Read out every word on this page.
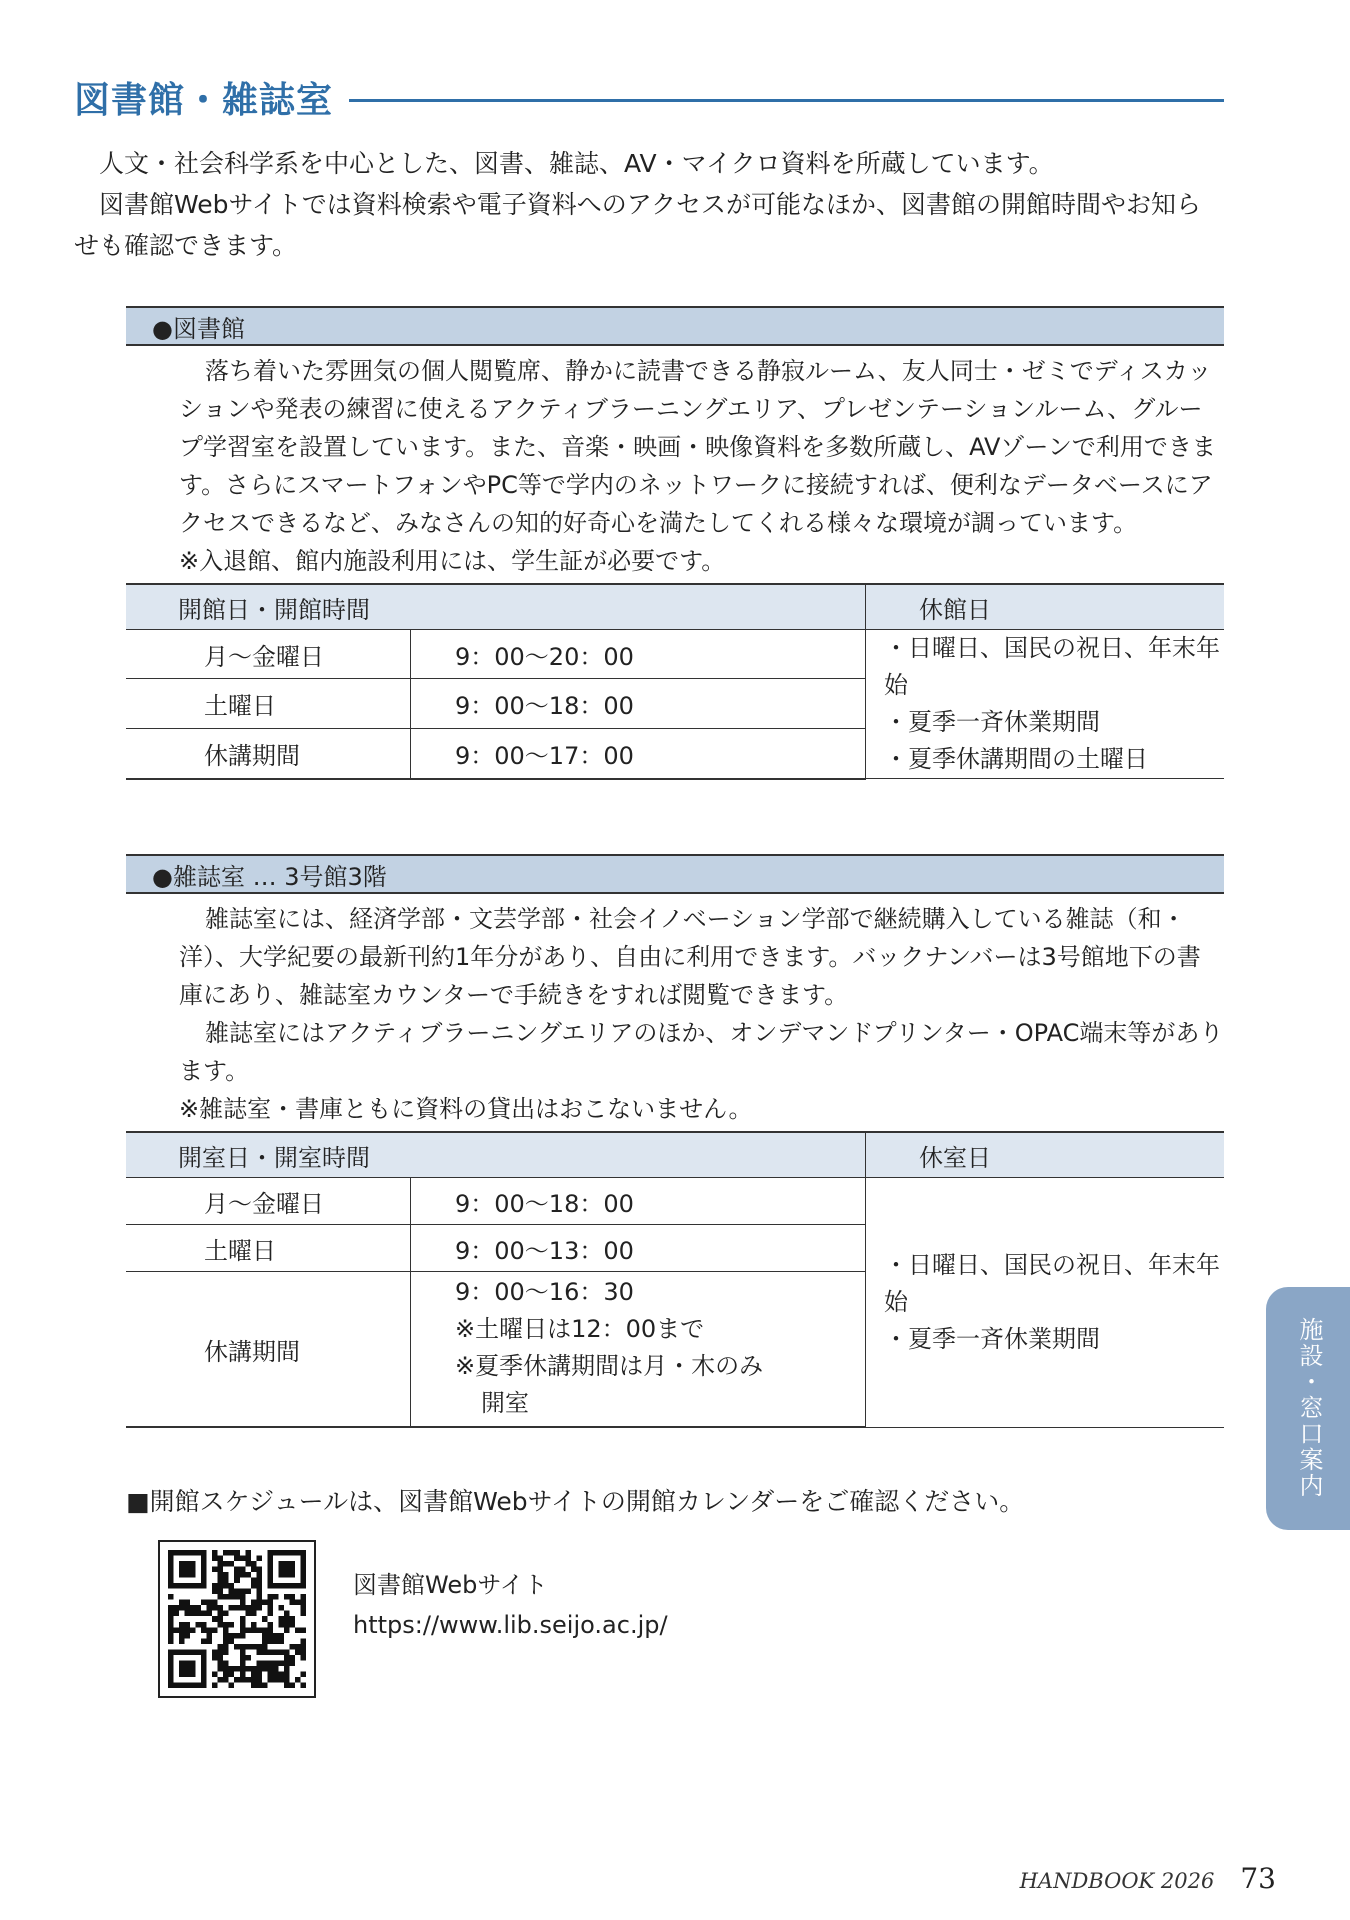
図書館・雑誌室

人文・社会科学系を中心とした、図書、雑誌、AV・マイクロ資料を所蔵しています。

図書館Webサイトでは資料検索や電子資料へのアクセスが可能なほか、図書館の開館時間やお知らせも確認できます。

●図書館

落ち着いた雰囲気の個人閲覧席、静かに読書できる静寂ルーム、友人同士・ゼミでディスカッションや発表の練習に使えるアクティブラーニングエリア、プレゼンテーションルーム、グループ学習室を設置しています。また、音楽・映画・映像資料を多数所蔵し、AVゾーンで利用できます。さらにスマートフォンやPC等で学内のネットワークに接続すれば、便利なデータベースにアクセスできるなど、みなさんの知的好奇心を満たしてくれる様々な環境が調っています。

※入退館、館内施設利用には、学生証が必要です。

開館日・開館時間		休館日
月～金曜日	9：00～20：00	・日曜日、国民の祝日、年末年始
・夏季一斉休業期間
・夏季休講期間の土曜日

土曜日	9：00～18：00	
休講期間	9：00～17：00	
●雑誌室 … 3号館3階

雑誌室には、経済学部・文芸学部・社会イノベーション学部で継続購入している雑誌（和・洋）、大学紀要の最新刊約1年分があり、自由に利用できます。バックナンバーは3号館地下の書庫にあり、雑誌室カウンターで手続きをすれば閲覧できます。

雑誌室にはアクティブラーニングエリアのほか、オンデマンドプリンター・OPAC端末等があります。

※雑誌室・書庫ともに資料の貸出はおこないません。

開室日・開室時間		休室日
月～金曜日	9：00～18：00	・日曜日、国民の祝日、年末年始
・夏季一斉休業期間

土曜日	9：00～13：00	
休講期間	9：00～16：30
※土曜日は12：00まで
※夏季休講期間は月・木のみ
開室	
■開館スケジュールは、図書館Webサイトの開館カレンダーをご確認ください。
図書館Webサイト
https://www.lib.seijo.ac.jp/
施設・窓口案内
HANDBOOK 2026 73
